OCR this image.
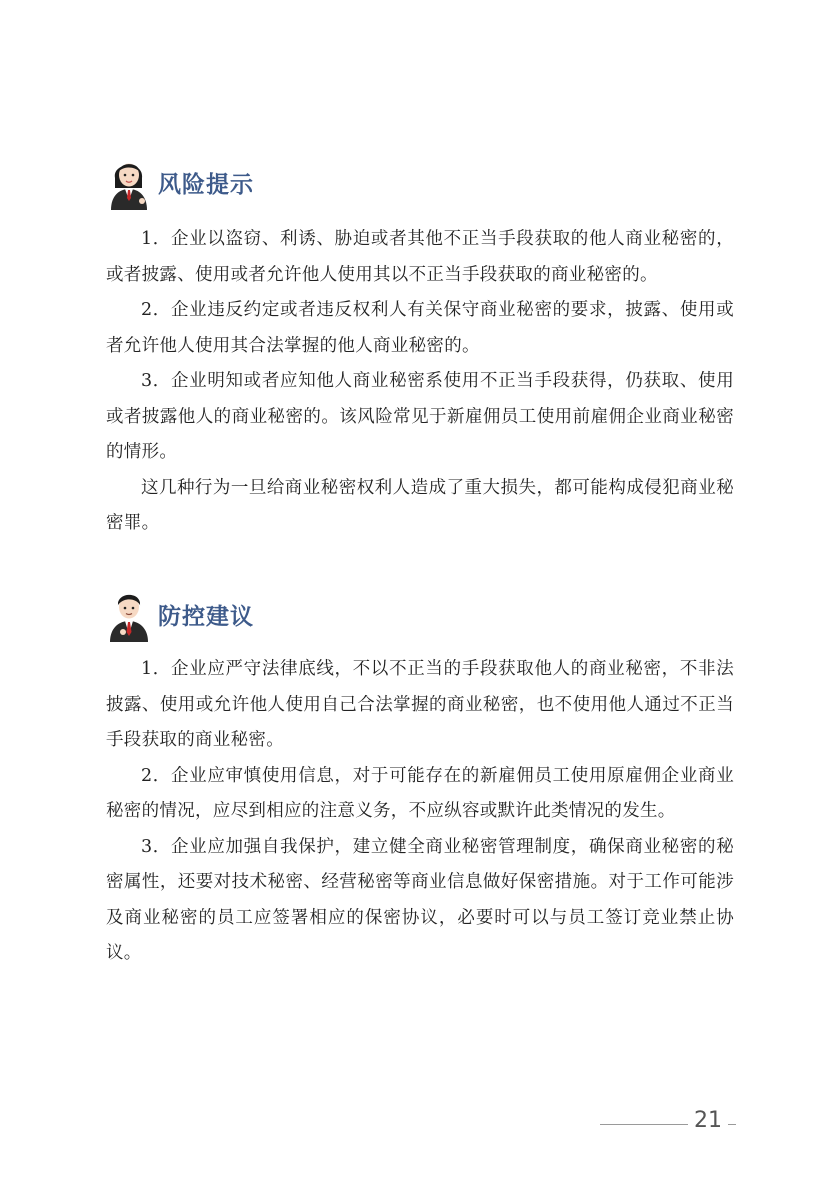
风险提示

1．企业以盗窃、利诱、胁迫或者其他不正当手段获取的他人商业秘密的，或者披露、使用或者允许他人使用其以不正当手段获取的商业秘密的。

2．企业违反约定或者违反权利人有关保守商业秘密的要求，披露、使用或者允许他人使用其合法掌握的他人商业秘密的。

3．企业明知或者应知他人商业秘密系使用不正当手段获得，仍获取、使用或者披露他人的商业秘密的。该风险常见于新雇佣员工使用前雇佣企业商业秘密的情形。

这几种行为一旦给商业秘密权利人造成了重大损失，都可能构成侵犯商业秘密罪。

防控建议

1．企业应严守法律底线，不以不正当的手段获取他人的商业秘密，不非法披露、使用或允许他人使用自己合法掌握的商业秘密，也不使用他人通过不正当手段获取的商业秘密。

2．企业应审慎使用信息，对于可能存在的新雇佣员工使用原雇佣企业商业秘密的情况，应尽到相应的注意义务，不应纵容或默许此类情况的发生。

3．企业应加强自我保护，建立健全商业秘密管理制度，确保商业秘密的秘密属性，还要对技术秘密、经营秘密等商业信息做好保密措施。对于工作可能涉及商业秘密的员工应签署相应的保密协议，必要时可以与员工签订竞业禁止协议。

21
